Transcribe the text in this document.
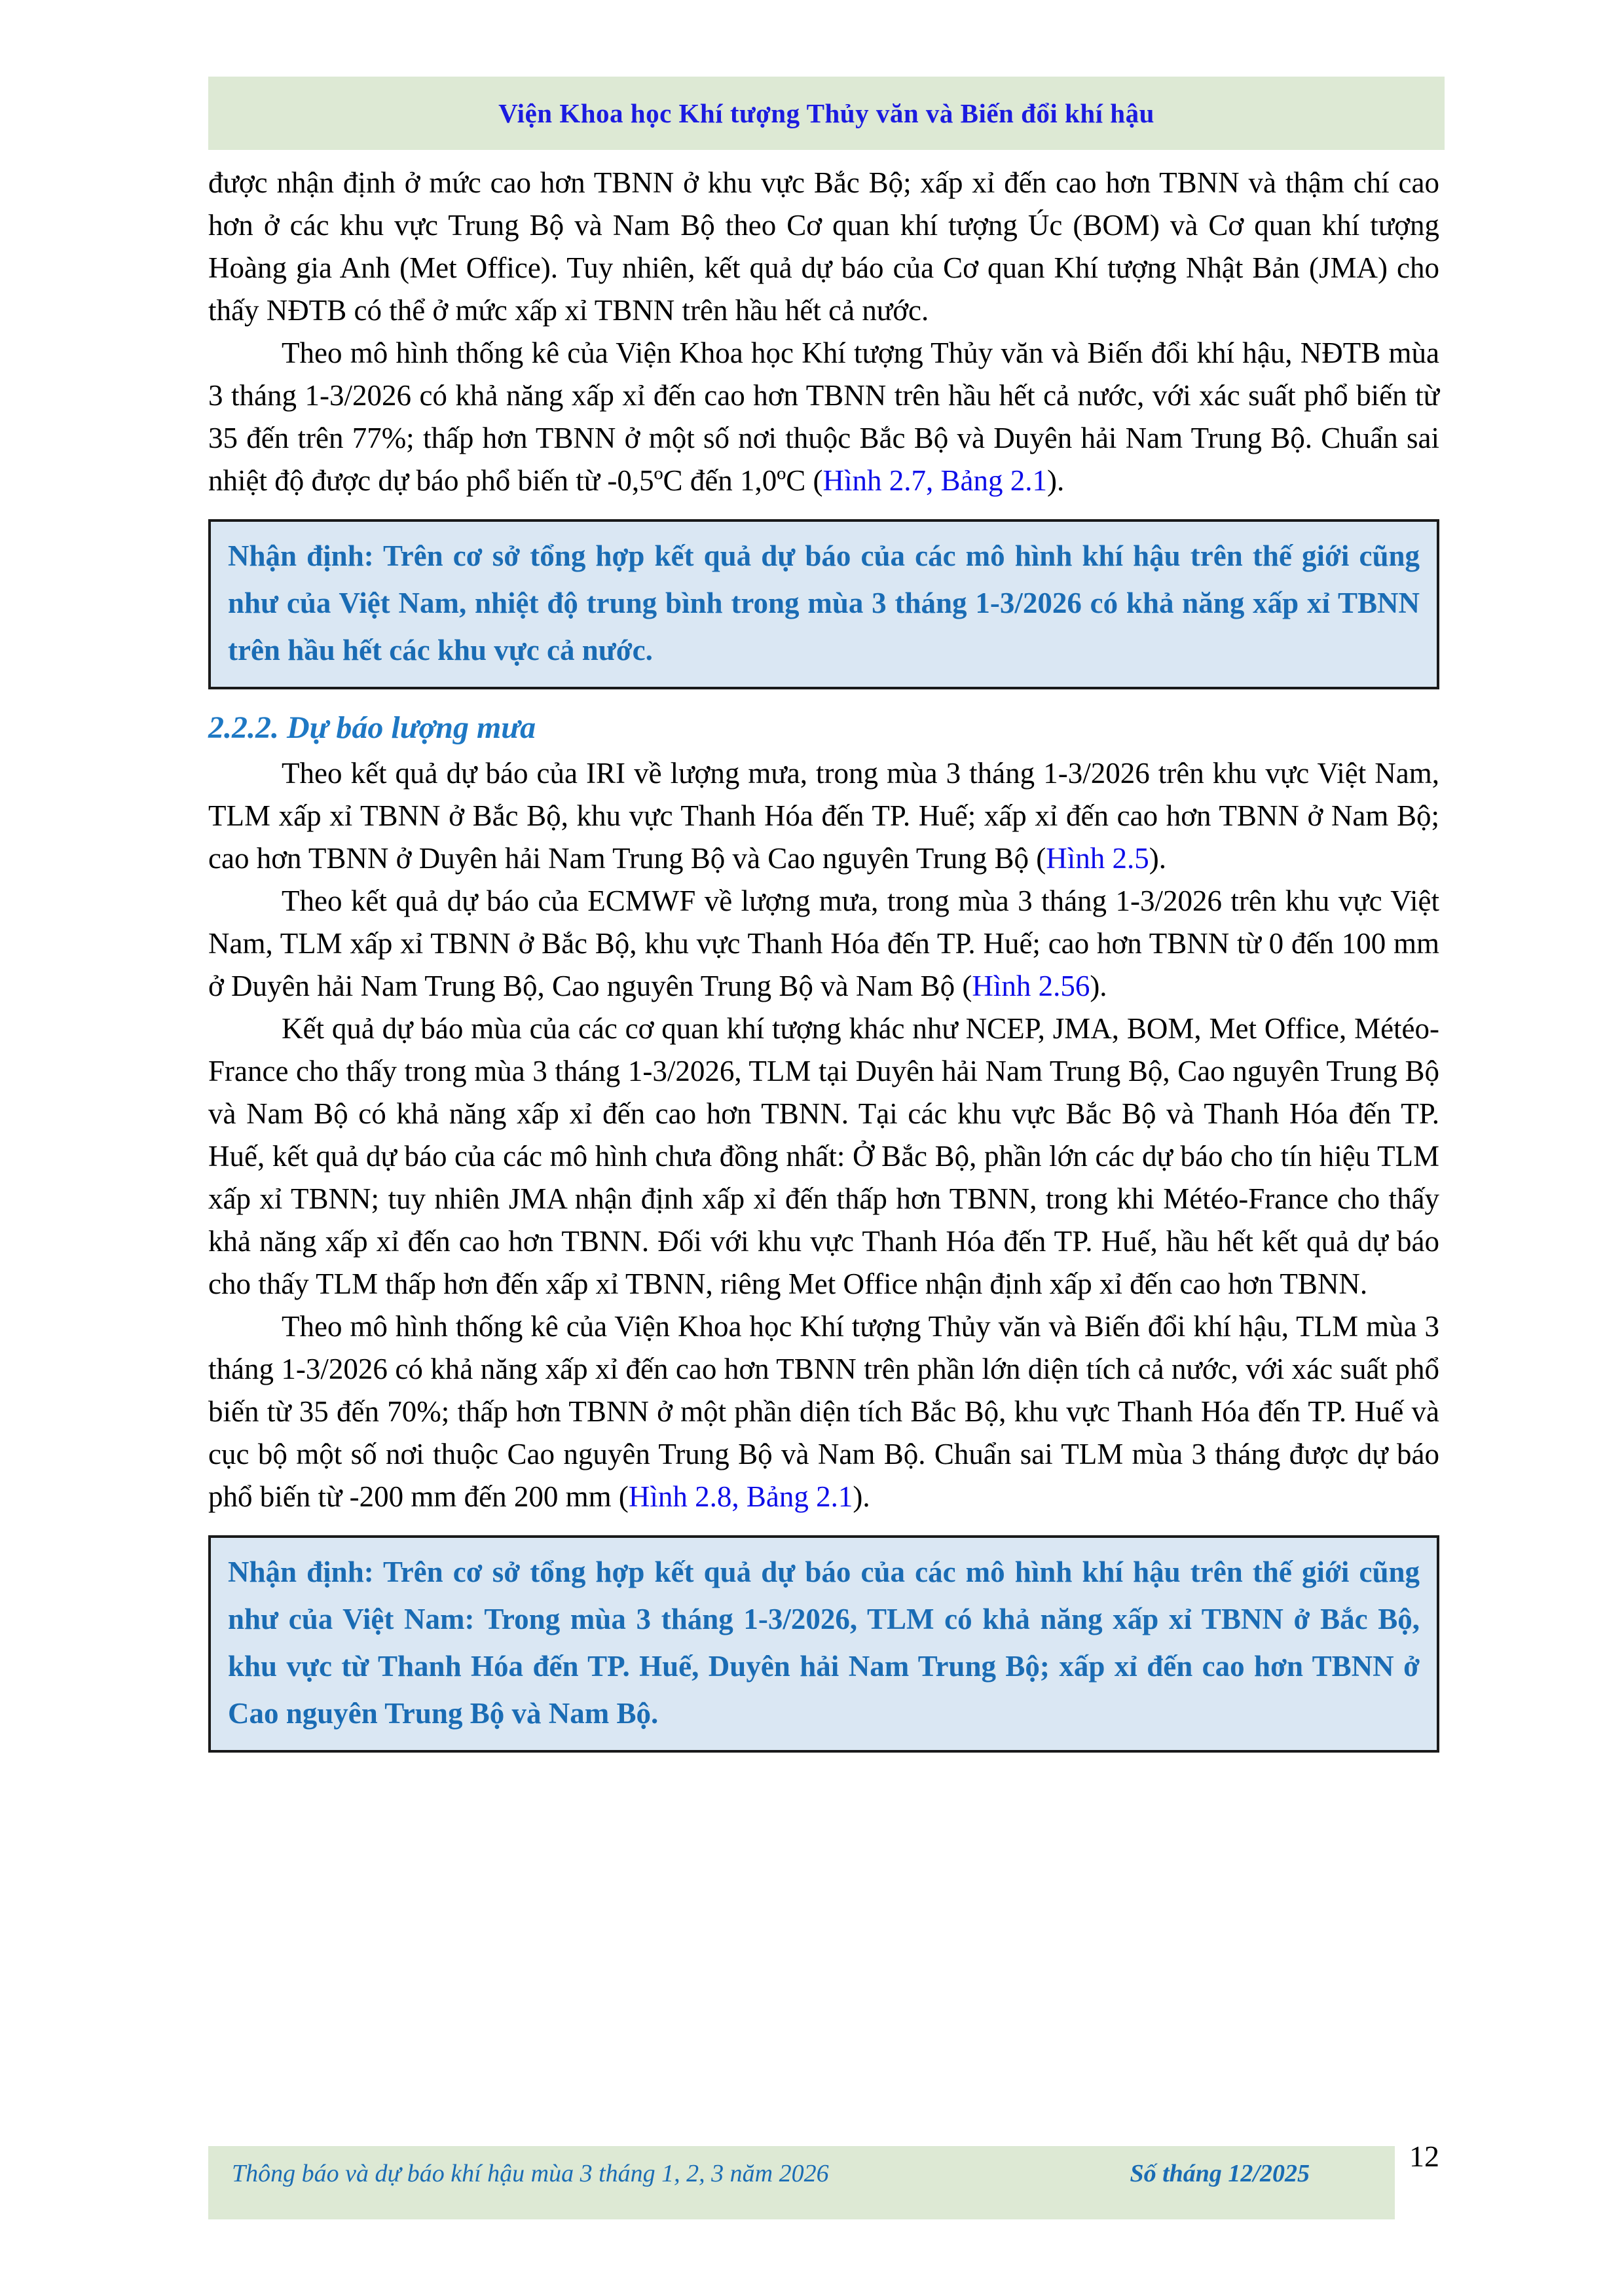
Viện Khoa học Khí tượng Thủy văn và Biến đổi khí hậu

được nhận định ở mức cao hơn TBNN ở khu vực Bắc Bộ; xấp xỉ đến cao hơn TBNN và thậm chí cao hơn ở các khu vực Trung Bộ và Nam Bộ theo Cơ quan khí tượng Úc (BOM) và Cơ quan khí tượng Hoàng gia Anh (Met Office). Tuy nhiên, kết quả dự báo của Cơ quan Khí tượng Nhật Bản (JMA) cho thấy NĐTB có thể ở mức xấp xỉ TBNN trên hầu hết cả nước.

Theo mô hình thống kê của Viện Khoa học Khí tượng Thủy văn và Biến đổi khí hậu, NĐTB mùa 3 tháng 1-3/2026 có khả năng xấp xỉ đến cao hơn TBNN trên hầu hết cả nước, với xác suất phổ biến từ 35 đến trên 77%; thấp hơn TBNN ở một số nơi thuộc Bắc Bộ và Duyên hải Nam Trung Bộ. Chuẩn sai nhiệt độ được dự báo phổ biến từ -0,5ºC đến 1,0ºC (Hình 2.7, Bảng 2.1).

Nhận định: Trên cơ sở tổng hợp kết quả dự báo của các mô hình khí hậu trên thế giới cũng như của Việt Nam, nhiệt độ trung bình trong mùa 3 tháng 1-3/2026 có khả năng xấp xỉ TBNN trên hầu hết các khu vực cả nước.

2.2.2. Dự báo lượng mưa

Theo kết quả dự báo của IRI về lượng mưa, trong mùa 3 tháng 1-3/2026 trên khu vực Việt Nam, TLM xấp xỉ TBNN ở Bắc Bộ, khu vực Thanh Hóa đến TP. Huế; xấp xỉ đến cao hơn TBNN ở Nam Bộ; cao hơn TBNN ở Duyên hải Nam Trung Bộ và Cao nguyên Trung Bộ (Hình 2.5).

Theo kết quả dự báo của ECMWF về lượng mưa, trong mùa 3 tháng 1-3/2026 trên khu vực Việt Nam, TLM xấp xỉ TBNN ở Bắc Bộ, khu vực Thanh Hóa đến TP. Huế; cao hơn TBNN từ 0 đến 100 mm ở Duyên hải Nam Trung Bộ, Cao nguyên Trung Bộ và Nam Bộ (Hình 2.56).

Kết quả dự báo mùa của các cơ quan khí tượng khác như NCEP, JMA, BOM, Met Office, Météo-France cho thấy trong mùa 3 tháng 1-3/2026, TLM tại Duyên hải Nam Trung Bộ, Cao nguyên Trung Bộ và Nam Bộ có khả năng xấp xỉ đến cao hơn TBNN. Tại các khu vực Bắc Bộ và Thanh Hóa đến TP. Huế, kết quả dự báo của các mô hình chưa đồng nhất: Ở Bắc Bộ, phần lớn các dự báo cho tín hiệu TLM xấp xỉ TBNN; tuy nhiên JMA nhận định xấp xỉ đến thấp hơn TBNN, trong khi Météo-France cho thấy khả năng xấp xỉ đến cao hơn TBNN. Đối với khu vực Thanh Hóa đến TP. Huế, hầu hết kết quả dự báo cho thấy TLM thấp hơn đến xấp xỉ TBNN, riêng Met Office nhận định xấp xỉ đến cao hơn TBNN.

Theo mô hình thống kê của Viện Khoa học Khí tượng Thủy văn và Biến đổi khí hậu, TLM mùa 3 tháng 1-3/2026 có khả năng xấp xỉ đến cao hơn TBNN trên phần lớn diện tích cả nước, với xác suất phổ biến từ 35 đến 70%; thấp hơn TBNN ở một phần diện tích Bắc Bộ, khu vực Thanh Hóa đến TP. Huế và cục bộ một số nơi thuộc Cao nguyên Trung Bộ và Nam Bộ. Chuẩn sai TLM mùa 3 tháng được dự báo phổ biến từ -200 mm đến 200 mm (Hình 2.8, Bảng 2.1).

Nhận định: Trên cơ sở tổng hợp kết quả dự báo của các mô hình khí hậu trên thế giới cũng như của Việt Nam: Trong mùa 3 tháng 1-3/2026, TLM có khả năng xấp xỉ TBNN ở Bắc Bộ, khu vực từ Thanh Hóa đến TP. Huế, Duyên hải Nam Trung Bộ; xấp xỉ đến cao hơn TBNN ở Cao nguyên Trung Bộ và Nam Bộ.

Thông báo và dự báo khí hậu mùa 3 tháng 1, 2, 3 năm 2026	Số tháng 12/2025
12
